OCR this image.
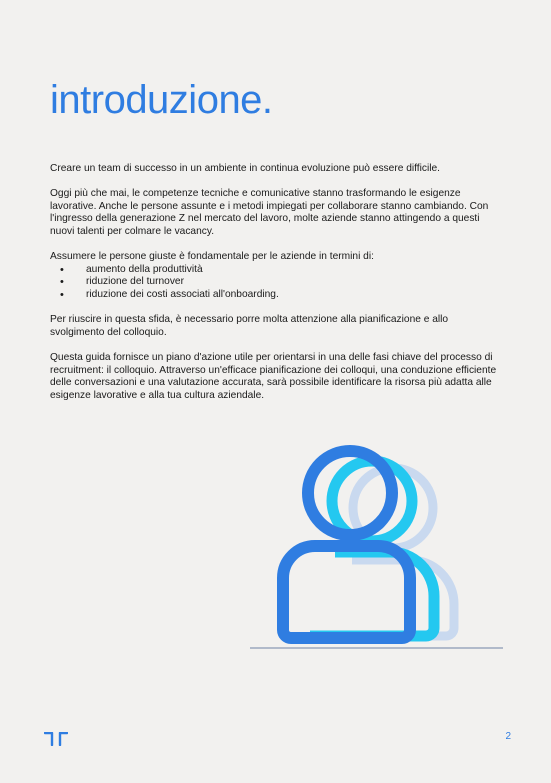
introduzione.

Creare un team di successo in un ambiente in continua evoluzione può essere difficile.

Oggi più che mai, le competenze tecniche e comunicative stanno trasformando le esigenze lavorative. Anche le persone assunte e i metodi impiegati per collaborare stanno cambiando. Con l'ingresso della generazione Z nel mercato del lavoro, molte aziende stanno attingendo a questi nuovi talenti per colmare le vacancy.

Assumere le persone giuste è fondamentale per le aziende in termini di:

• aumento della produttività
• riduzione del turnover
• riduzione dei costi associati all'onboarding.

Per riuscire in questa sfida, è necessario porre molta attenzione alla pianificazione e allo svolgimento del colloquio.

Questa guida fornisce un piano d'azione utile per orientarsi in una delle fasi chiave del processo di recruitment: il colloquio. Attraverso un'efficace pianificazione dei colloqui, una conduzione efficiente delle conversazioni e una valutazione accurata, sarà possibile identificare la risorsa più adatta alle esigenze lavorative e alla tua cultura aziendale.

2
